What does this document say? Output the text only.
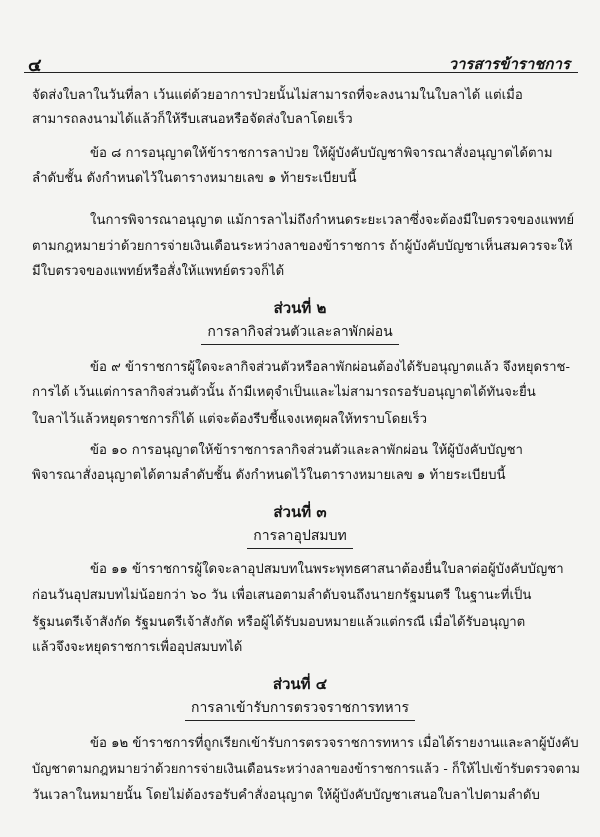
๔	วารสารข้าราชการ
จัดส่งใบลาในวันที่ลา เว้นแต่ด้วยอาการป่วยนั้นไม่สามารถที่จะลงนามในใบลาได้ แต่เมื่อ
สามารถลงนามได้แล้วก็ให้รีบเสนอหรือจัดส่งใบลาโดยเร็ว
ข้อ ๘ การอนุญาตให้ข้าราชการลาป่วย ให้ผู้บังคับบัญชาพิจารณาสั่งอนุญาตได้ตาม
ลำดับชั้น ดังกำหนดไว้ในตารางหมายเลข ๑ ท้ายระเบียบนี้
ในการพิจารณาอนุญาต แม้การลาไม่ถึงกำหนดระยะเวลาซึ่งจะต้องมีใบตรวจของแพทย์
ตามกฎหมายว่าด้วยการจ่ายเงินเดือนระหว่างลาของข้าราชการ ถ้าผู้บังคับบัญชาเห็นสมควรจะให้
มีใบตรวจของแพทย์หรือสั่งให้แพทย์ตรวจก็ได้
ส่วนที่ ๒
การลากิจส่วนตัวและลาพักผ่อน
ข้อ ๙ ข้าราชการผู้ใดจะลากิจส่วนตัวหรือลาพักผ่อนต้องได้รับอนุญาตแล้ว จึงหยุดราช-
การได้ เว้นแต่การลากิจส่วนตัวนั้น ถ้ามีเหตุจำเป็นและไม่สามารถรอรับอนุญาตได้ทันจะยื่น
ใบลาไว้แล้วหยุดราชการก็ได้ แต่จะต้องรีบชี้แจงเหตุผลให้ทราบโดยเร็ว
ข้อ ๑๐ การอนุญาตให้ข้าราชการลากิจส่วนตัวและลาพักผ่อน ให้ผู้บังคับบัญชา
พิจารณาสั่งอนุญาตได้ตามลำดับชั้น ดังกำหนดไว้ในตารางหมายเลข ๑ ท้ายระเบียบนี้
ส่วนที่ ๓
การลาอุปสมบท
ข้อ ๑๑ ข้าราชการผู้ใดจะลาอุปสมบทในพระพุทธศาสนาต้องยื่นใบลาต่อผู้บังคับบัญชา
ก่อนวันอุปสมบทไม่น้อยกว่า ๖๐ วัน เพื่อเสนอตามลำดับจนถึงนายกรัฐมนตรี ในฐานะที่เป็น
รัฐมนตรีเจ้าสังกัด รัฐมนตรีเจ้าสังกัด หรือผู้ได้รับมอบหมายแล้วแต่กรณี เมื่อได้รับอนุญาต
แล้วจึงจะหยุดราชการเพื่ออุปสมบทได้
ส่วนที่ ๔
การลาเข้ารับการตรวจราชการทหาร
ข้อ ๑๒ ข้าราชการที่ถูกเรียกเข้ารับการตรวจราชการทหาร เมื่อได้รายงานและลาผู้บังคับ
บัญชาตามกฎหมายว่าด้วยการจ่ายเงินเดือนระหว่างลาของข้าราชการแล้ว - ก็ให้ไปเข้ารับตรวจตาม
วันเวลาในหมายนั้น โดยไม่ต้องรอรับคำสั่งอนุญาต ให้ผู้บังคับบัญชาเสนอใบลาไปตามลำดับ
